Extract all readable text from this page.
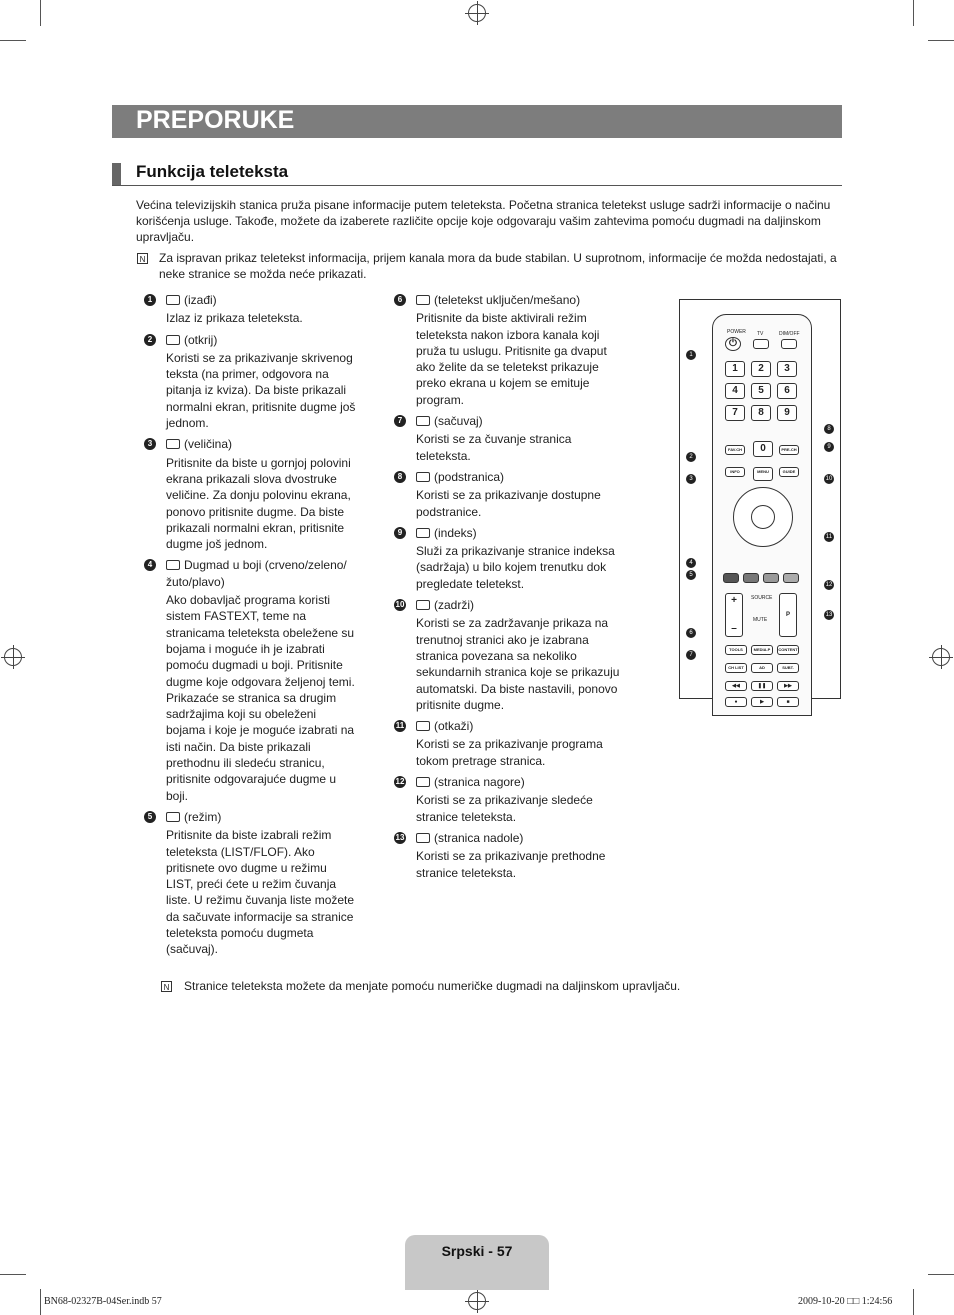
PREPORUKE
Funkcija teleteksta
Većina televizijskih stanica pruža pisane informacije putem teleteksta. Početna stranica teletekst usluge sadrži informacije o načinu korišćenja usluge. Takođe, možete da izaberete različite opcije koje odgovaraju vašim zahtevima pomoću dugmadi na daljinskom upravljaču.
N Za ispravan prikaz teletekst informacija, prijem kanala mora da bude stabilan. U suprotnom, informacije će možda nedostajati, a neke stranice se možda neće prikazati.
1	(izađi)

Izlaz iz prikaza teleteksta.

2	(otkrij)

Koristi se za prikazivanje skrivenog teksta (na primer, odgovora na pitanja iz kviza). Da biste prikazali normalni ekran, pritisnite dugme još jednom.

3	(veličina)

Pritisnite da biste u gornjoj polovini ekrana prikazali slova dvostruke veličine. Za donju polovinu ekrana, ponovo pritisnite dugme. Da biste prikazali normalni ekran, pritisnite dugme još jednom.

4	Dugmad u boji (crveno/zeleno/žuto/plavo)

Ako dobavljač programa koristi sistem FASTEXT, teme na stranicama teleteksta obeležene su bojama i moguće ih je izabrati pomoću dugmadi u boji. Pritisnite dugme koje odgovara željenoj temi. Prikazaće se stranica sa drugim sadržajima koji su obeleženi bojama i koje je moguće izabrati na isti način. Da biste prikazali prethodnu ili sledeću stranicu, pritisnite odgovarajuće dugme u boji.

5	(režim)

Pritisnite da biste izabrali režim teleteksta (LIST/FLOF). Ako pritisnete ovo dugme u režimu LIST, preći ćete u režim čuvanja liste. U režimu čuvanja liste možete da sačuvate informacije sa stranice teleteksta pomoću dugmeta (sačuvaj).

6	(teletekst uključen/mešano)

Pritisnite da biste aktivirali režim teleteksta nakon izbora kanala koji pruža tu uslugu. Pritisnite ga dvaput ako želite da se teletekst prikazuje preko ekrana u kojem se emituje program.

7	(sačuvaj)

Koristi se za čuvanje stranica teleteksta.

8	(podstranica)

Koristi se za prikazivanje dostupne podstranice.

9	(indeks)

Služi za prikazivanje stranice indeksa (sadržaja) u bilo kojem trenutku dok pregledate teletekst.

10	(zadrži)

Koristi se za zadržavanje prikaza na trenutnoj stranici ako je izabrana stranica povezana sa nekoliko sekundarnih stranica koje se prikazuju automatski. Da biste nastavili, ponovo pritisnite dugme.

11	(otkaži)

Koristi se za prikazivanje programa tokom pretrage stranica.

12	(stranica nagore)

Koristi se za prikazivanje sledeće stranice teleteksta.

13	(stranica nadole)

Koristi se za prikazivanje prethodne stranice teleteksta.

POWER
⏻
TV	DIM/OFF
1	2	3
4	5	6
7	8	9
FAV.CH	0	PRE-CH
INFO	MENU	GUIDE
+

–
SOURCE
MUTE
P
TOOLS	MEDIA.P	CONTENT
CH LIST	AD	SUBT.
◀◀	❚❚	▶▶
●	▶	■
1
2
3
4
5
6
7
8
9
10
11
12
13
N Stranice teleteksta možete da menjate pomoću numeričke dugmadi na daljinskom upravljaču.
Srpski - 57
BN68-02327B-04Ser.indb 57	2009-10-20 □□ 1:24:56
